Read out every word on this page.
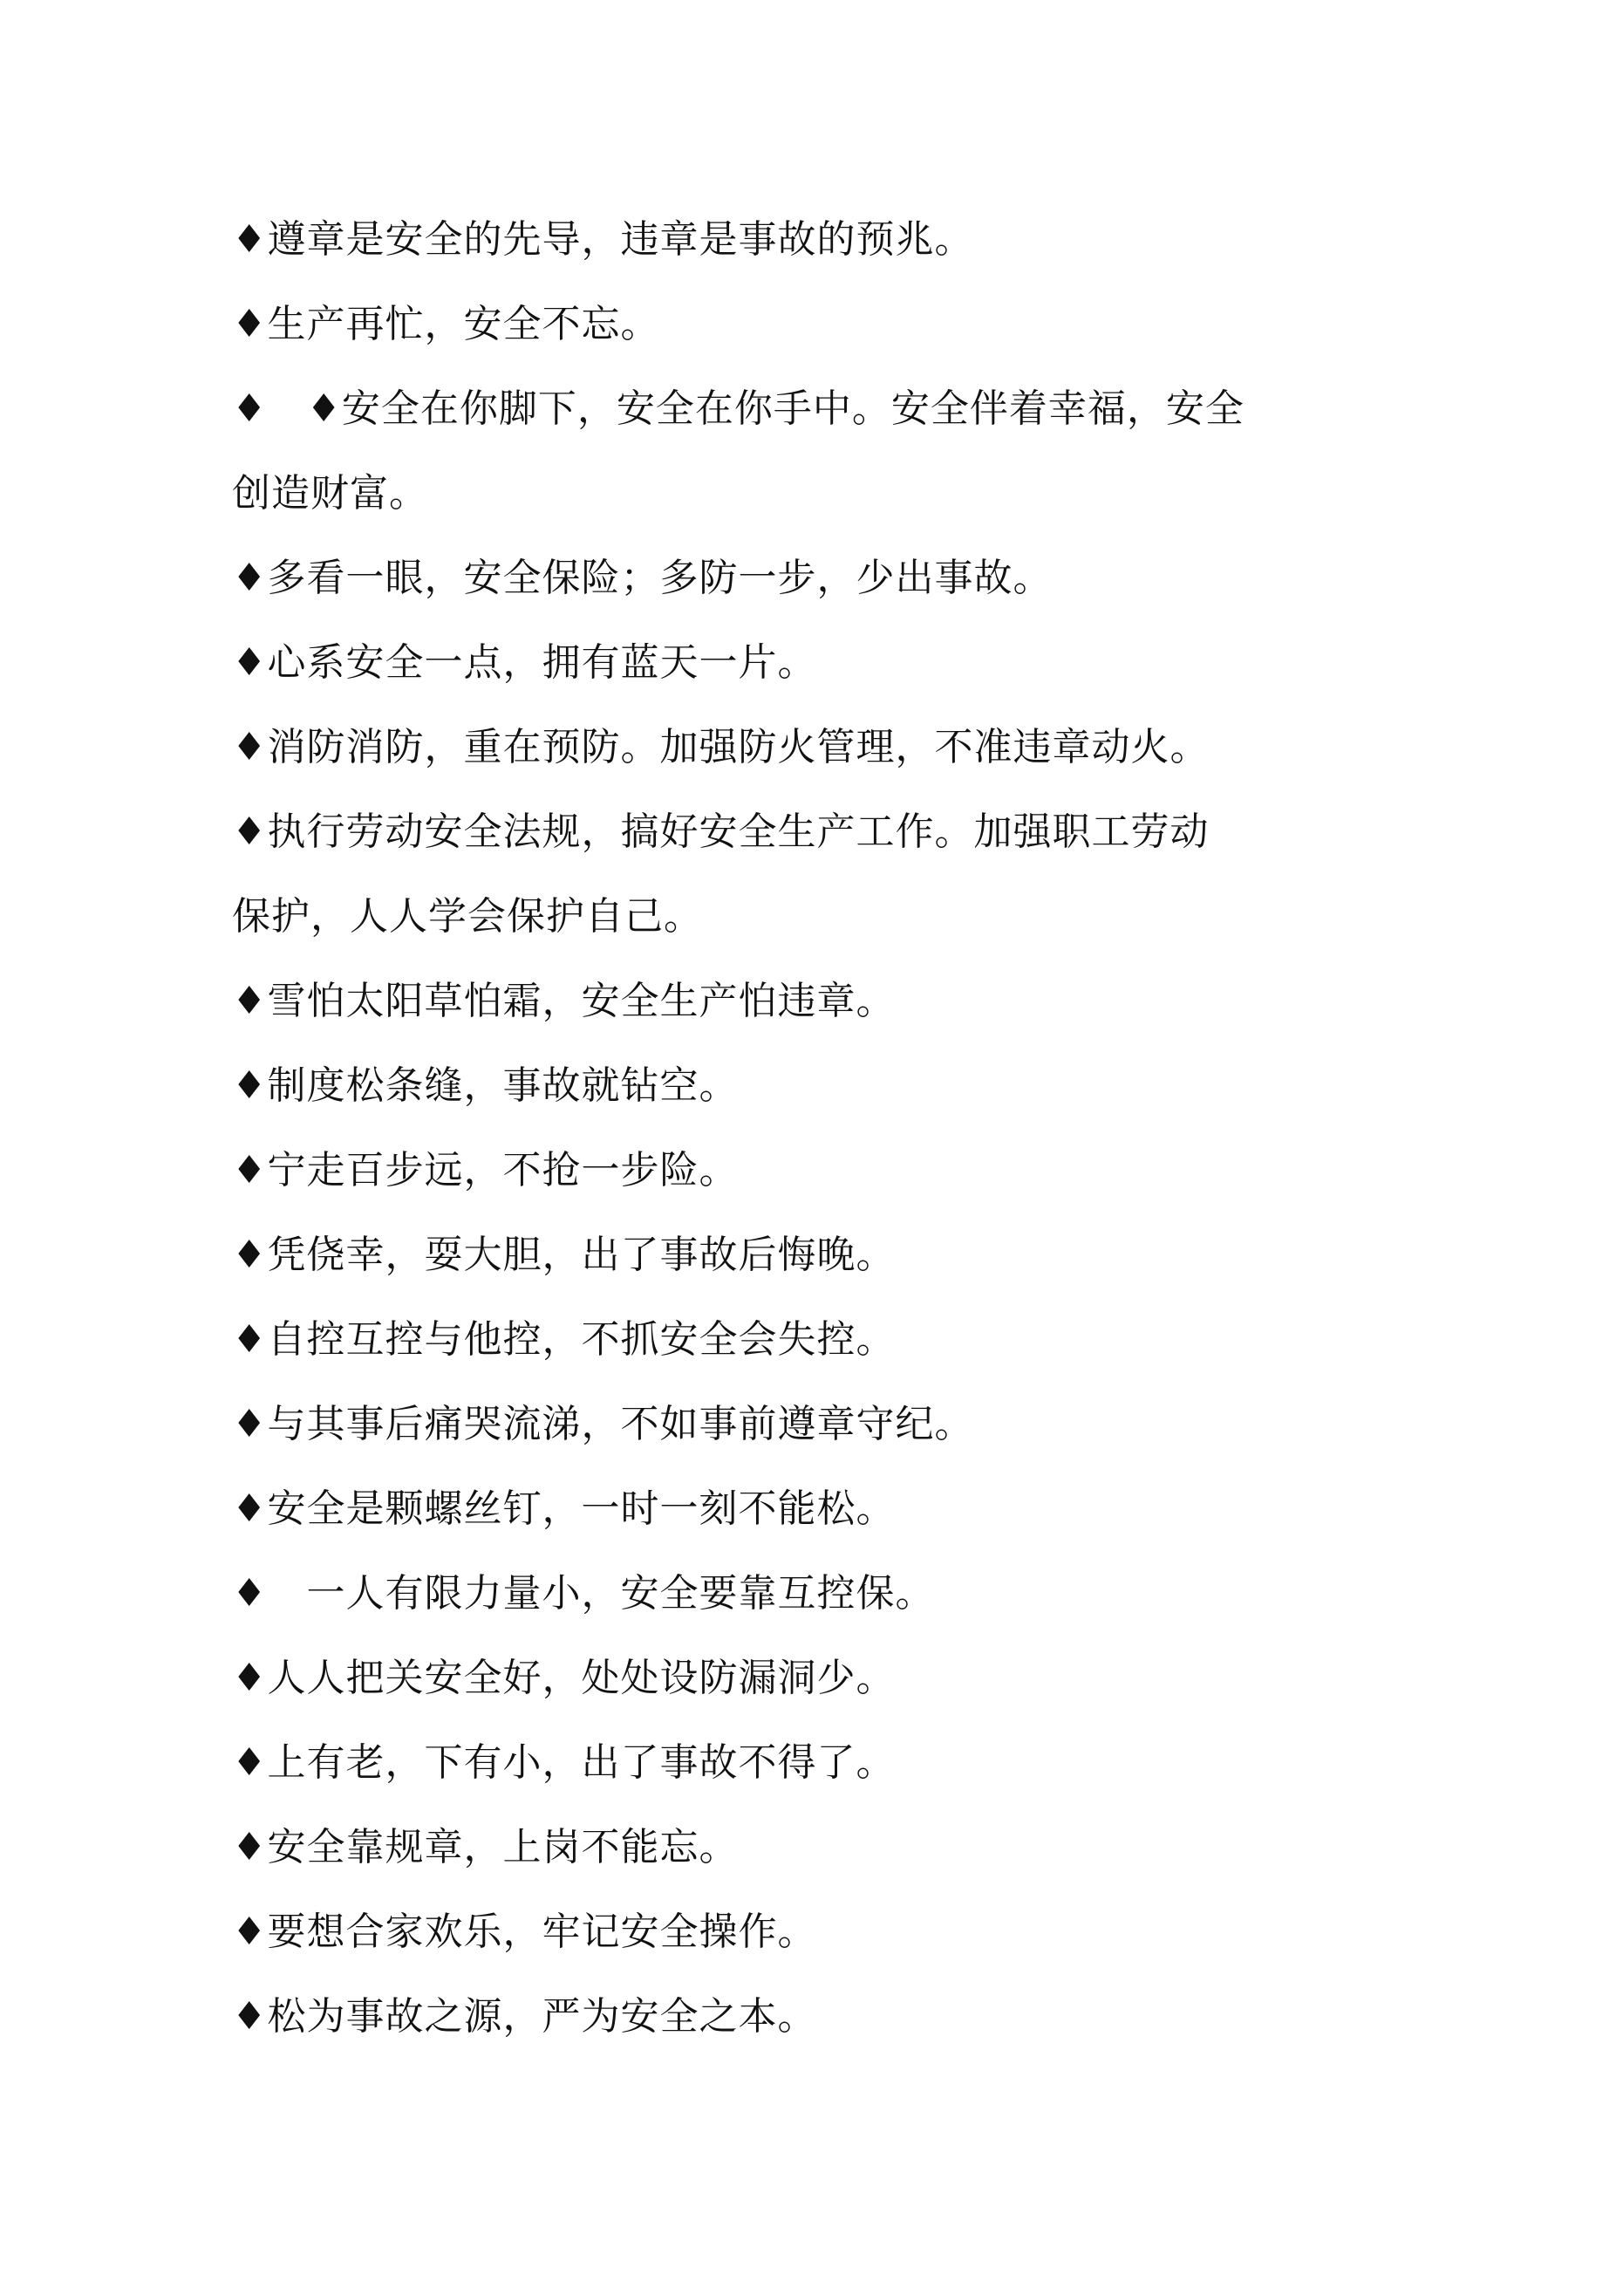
♦遵章是安全的先导，违章是事故的预兆。
♦生产再忙，安全不忘。
♦　♦安全在你脚下，安全在你手中。安全伴着幸福，安全
创造财富。
♦多看一眼，安全保险；多防一步，少出事故。
♦心系安全一点，拥有蓝天一片。
♦消防消防，重在预防。加强防火管理，不准违章动火。
♦执行劳动安全法规，搞好安全生产工作。加强职工劳动
保护，人人学会保护自己。
♦雪怕太阳草怕霜，安全生产怕违章。
♦制度松条缝，事故就钻空。
♦宁走百步远，不抢一步险。
♦凭侥幸，耍大胆，出了事故后悔晚。
♦自控互控与他控，不抓安全会失控。
♦与其事后痛哭流涕，不如事前遵章守纪。
♦安全是颗螺丝钉，一时一刻不能松。
♦　一人有限力量小，安全要靠互控保。
♦人人把关安全好，处处设防漏洞少。
♦上有老，下有小，出了事故不得了。
♦安全靠规章，上岗不能忘。
♦要想合家欢乐，牢记安全操作。
♦松为事故之源，严为安全之本。
